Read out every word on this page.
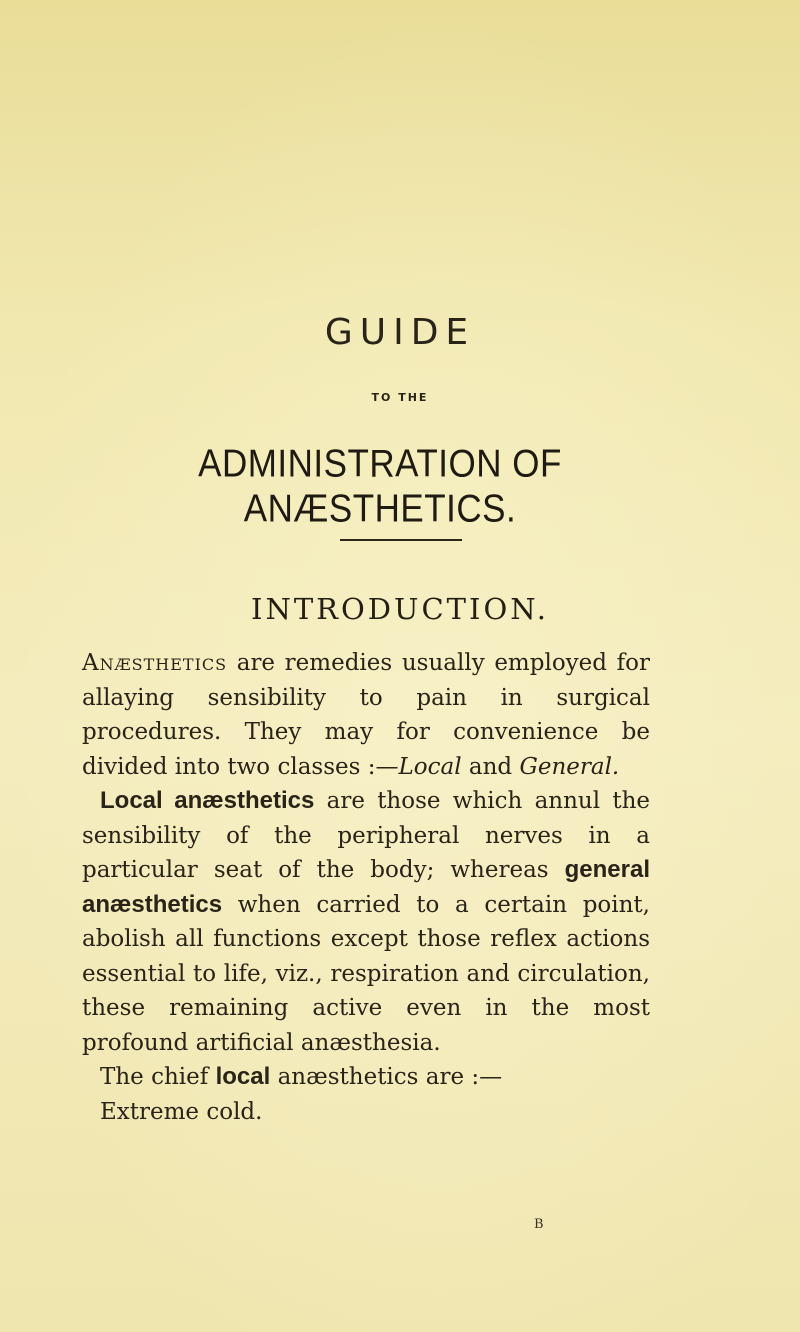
GUIDE
TO THE
ADMINISTRATION OF ANÆSTHETICS.
INTRODUCTION.

Anæsthetics are remedies usually employed for allaying sensibility to pain in surgical procedures. They may for convenience be divided into two classes :—Local and General.

Local anæsthetics are those which annul the sensibility of the peripheral nerves in a particular seat of the body; whereas general anæsthetics when carried to a certain point, abolish all functions except those reflex actions essential to life, viz., respiration and circulation, these remaining active even in the most profound artificial anæsthesia.

The chief local anæsthetics are :—

Extreme cold.

B
